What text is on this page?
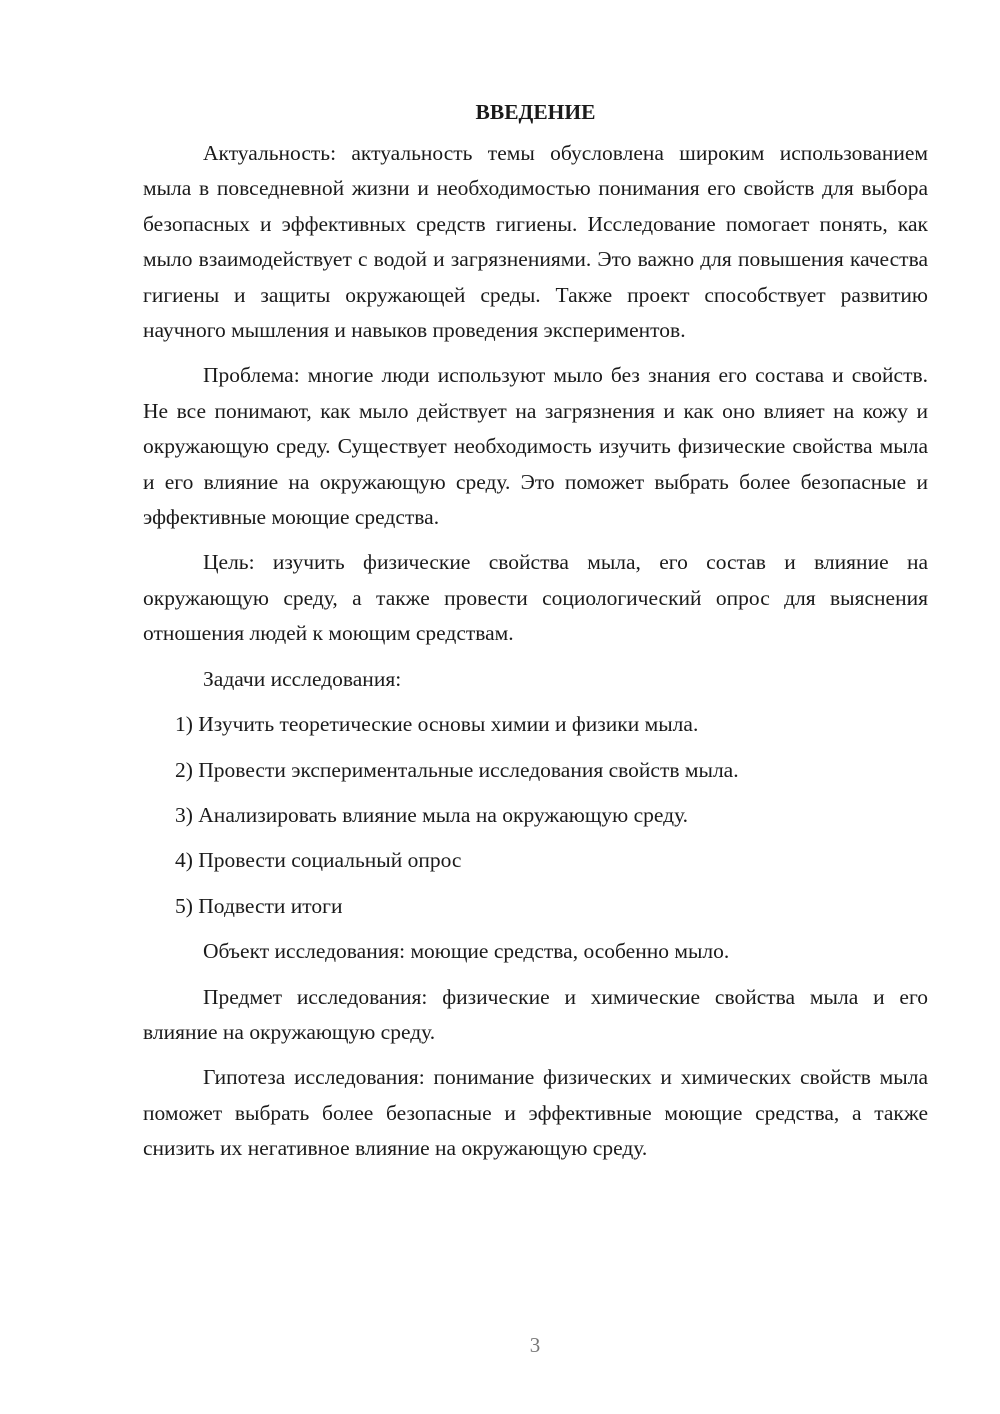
ВВЕДЕНИЕ

Актуальность: актуальность темы обусловлена широким использованием мыла в повседневной жизни и необходимостью понимания его свойств для выбора безопасных и эффективных средств гигиены. Исследование помогает понять, как мыло взаимодействует с водой и загрязнениями. Это важно для повышения качества гигиены и защиты окружающей среды. Также проект способствует развитию научного мышления и навыков проведения экспериментов.

Проблема: многие люди используют мыло без знания его состава и свойств. Не все понимают, как мыло действует на загрязнения и как оно влияет на кожу и окружающую среду. Существует необходимость изучить физические свойства мыла и его влияние на окружающую среду. Это поможет выбрать более безопасные и эффективные моющие средства.

Цель: изучить физические свойства мыла, его состав и влияние на окружающую среду, а также провести социологический опрос для выяснения отношения людей к моющим средствам.

Задачи исследования:

1) Изучить теоретические основы химии и физики мыла.
2) Провести экспериментальные исследования свойств мыла.
3) Анализировать влияние мыла на окружающую среду.
4) Провести социальный опрос
5) Подвести итоги

Объект исследования: моющие средства, особенно мыло.

Предмет исследования: физические и химические свойства мыла и его влияние на окружающую среду.

Гипотеза исследования: понимание физических и химических свойств мыла поможет выбрать более безопасные и эффективные моющие средства, а также снизить их негативное влияние на окружающую среду.

3
